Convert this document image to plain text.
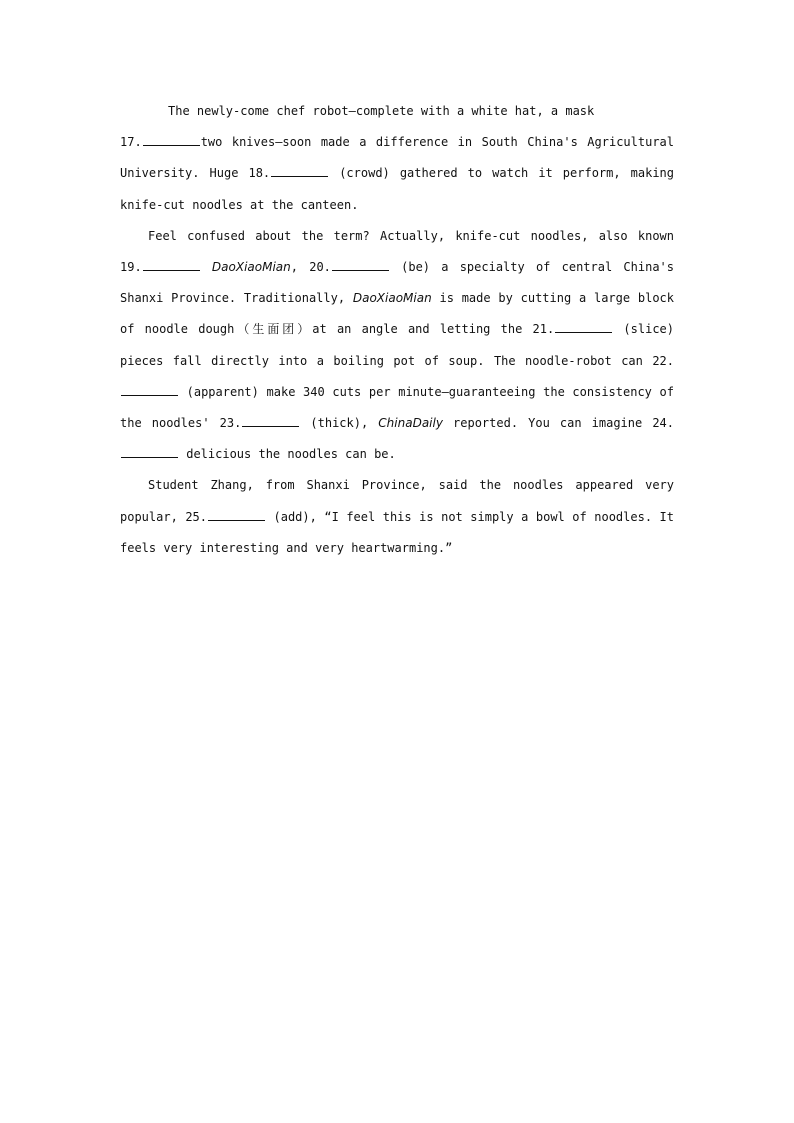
The newly-come chef robot—complete with a white hat, a mask
17.	two knives—soon made a difference in South China's Agricultural University. Huge 18.	(crowd) gathered to watch it perform, making knife-cut noodles at the canteen.

Feel confused about the term? Actually, knife-cut noodles, also known 19.	DaoXiaoMian, 20.	(be) a specialty of central China's Shanxi Province. Traditionally, DaoXiaoMian is made by cutting a large block of noodle dough（生面团）at an angle and letting the 21.	(slice) pieces fall directly into a boiling pot of soup. The noodle-robot can 22. (apparent) make 340 cuts per minute—guaranteeing the consistency of the noodles' 23.	(thick), ChinaDaily reported. You can imagine 24. delicious the noodles can be.

Student Zhang, from Shanxi Province, said the noodles appeared very popular, 25.	(add), “I feel this is not simply a bowl of noodles. It feels very interesting and very heartwarming.”
